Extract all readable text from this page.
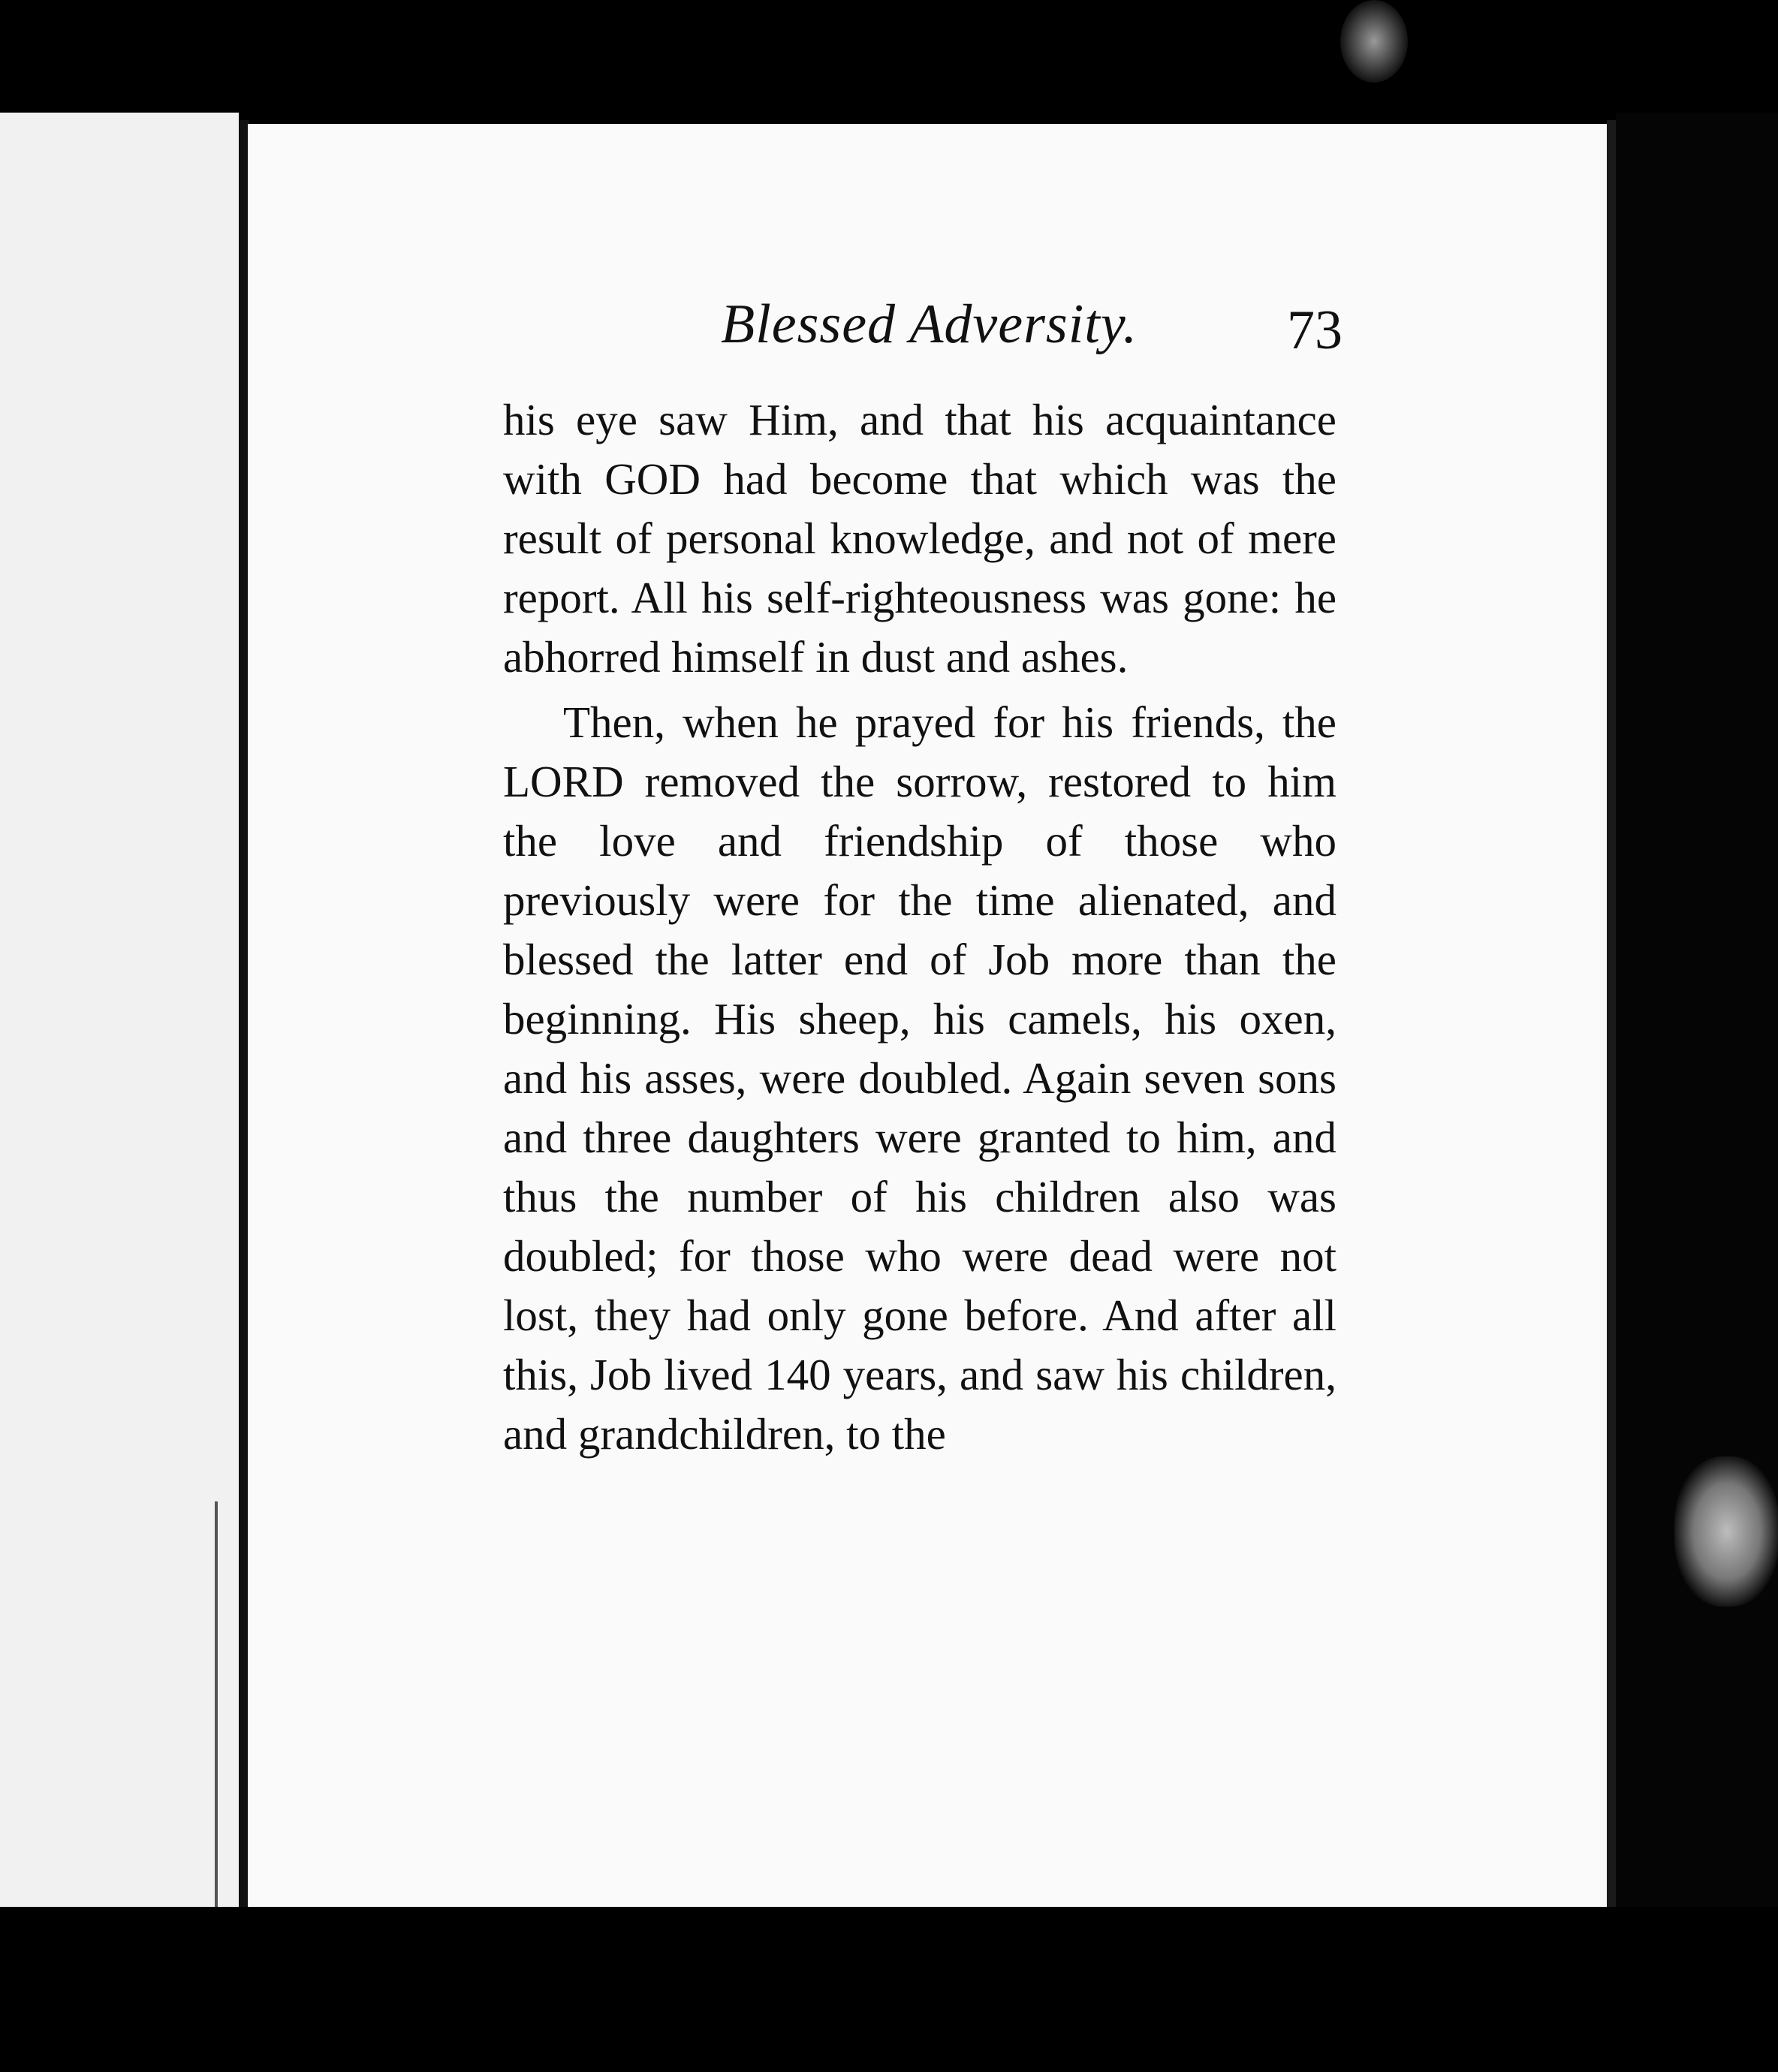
Blessed Adversity.	73

his eye saw Him, and that his acquaintance with GOD had become that which was the result of personal knowledge, and not of mere report. All his self-righteousness was gone: he abhorred himself in dust and ashes.

Then, when he prayed for his friends, the LORD removed the sorrow, restored to him the love and friendship of those who previously were for the time alienated, and blessed the latter end of Job more than the beginning. His sheep, his camels, his oxen, and his asses, were doubled. Again seven sons and three daughters were granted to him, and thus the number of his children also was doubled; for those who were dead were not lost, they had only gone before. And after all this, Job lived 140 years, and saw his children, and grandchildren, to the
